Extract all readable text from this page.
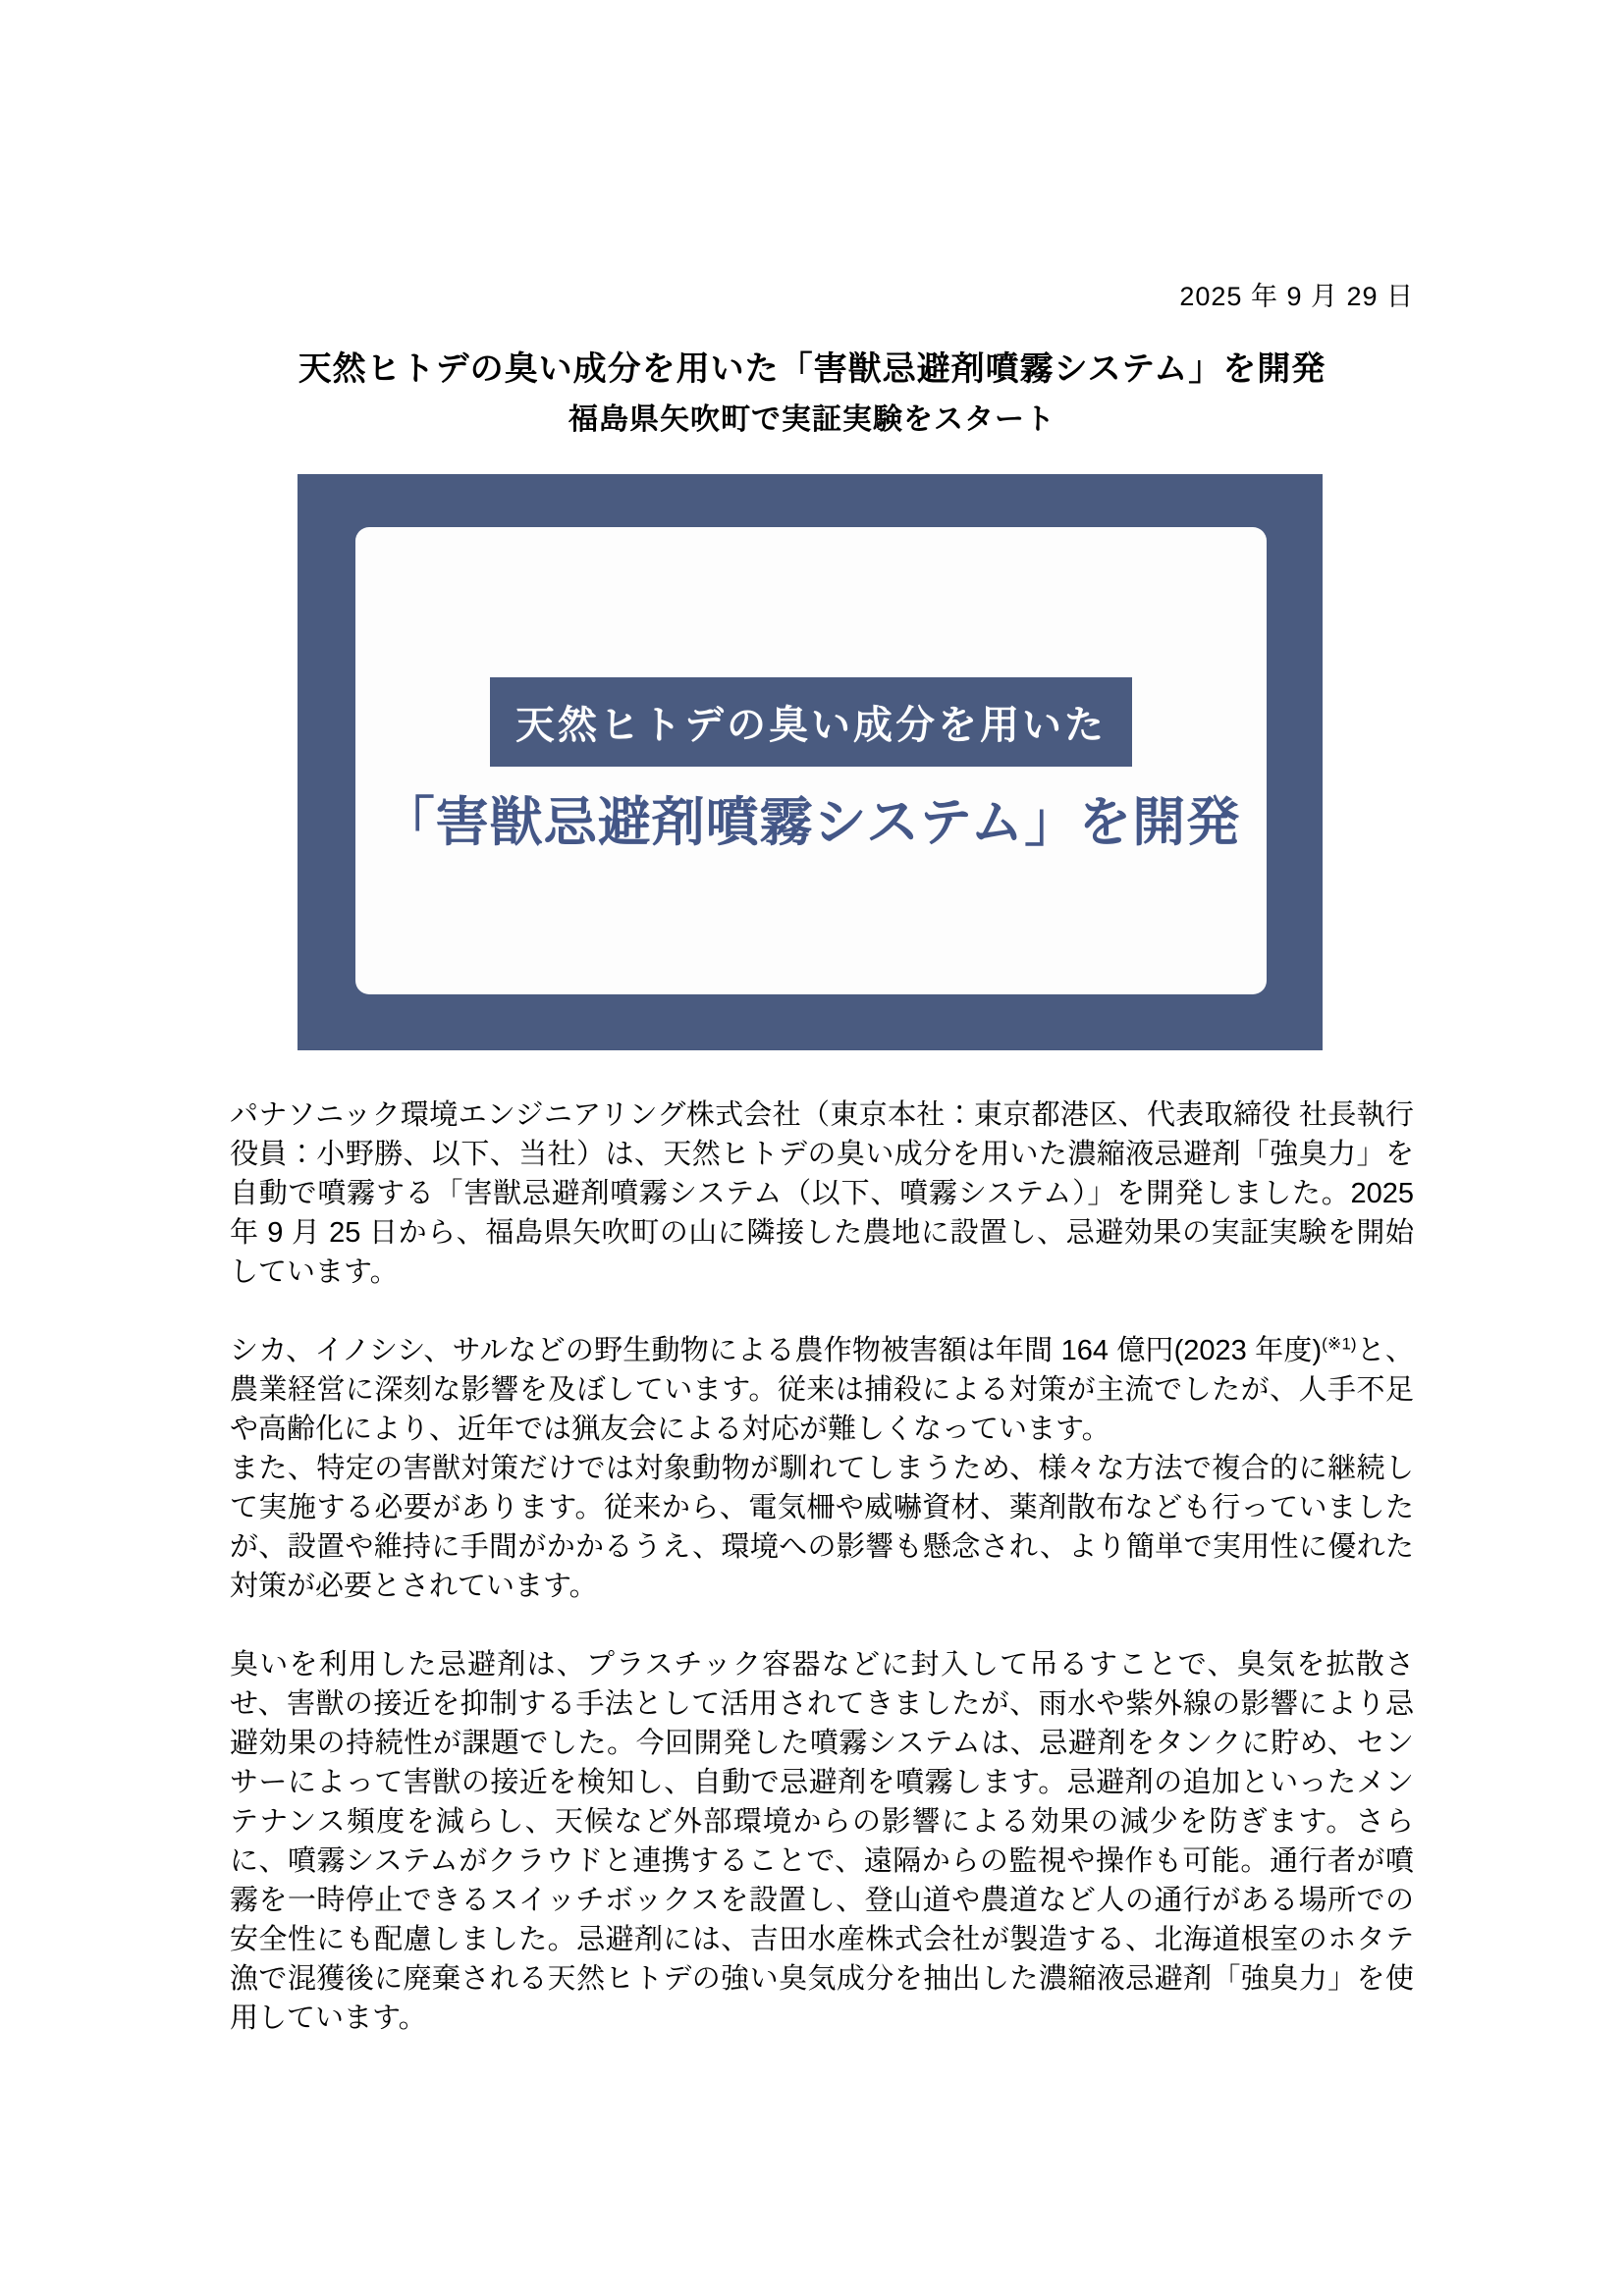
2025 年 9 月 29 日
天然ヒトデの臭い成分を用いた「害獣忌避剤噴霧システム」を開発
福島県矢吹町で実証実験をスタート
天然ヒトデの臭い成分を用いた
「害獣忌避剤噴霧システム」を開発

パナソニック環境エンジニアリング株式会社（東京本社：東京都港区、代表取締役 社長執行役員：小野勝、以下、当社）は、天然ヒトデの臭い成分を用いた濃縮液忌避剤「強臭力」を自動で噴霧する「害獣忌避剤噴霧システム（以下、噴霧システム）」を開発しました。2025 年 9 月 25 日から、福島県矢吹町の山に隣接した農地に設置し、忌避効果の実証実験を開始しています。

シカ、イノシシ、サルなどの野生動物による農作物被害額は年間 164 億円(2023 年度)$^{(※1)}$と、農業経営に深刻な影響を及ぼしています。従来は捕殺による対策が主流でしたが、人手不足や高齢化により、近年では猟友会による対応が難しくなっています。

また、特定の害獣対策だけでは対象動物が馴れてしまうため、様々な方法で複合的に継続して実施する必要があります。従来から、電気柵や威嚇資材、薬剤散布なども行っていましたが、設置や維持に手間がかかるうえ、環境への影響も懸念され、より簡単で実用性に優れた対策が必要とされています。

臭いを利用した忌避剤は、プラスチック容器などに封入して吊るすことで、臭気を拡散させ、害獣の接近を抑制する手法として活用されてきましたが、雨水や紫外線の影響により忌避効果の持続性が課題でした。今回開発した噴霧システムは、忌避剤をタンクに貯め、センサーによって害獣の接近を検知し、自動で忌避剤を噴霧します。忌避剤の追加といったメンテナンス頻度を減らし、天候など外部環境からの影響による効果の減少を防ぎます。さらに、噴霧システムがクラウドと連携することで、遠隔からの監視や操作も可能。通行者が噴霧を一時停止できるスイッチボックスを設置し、登山道や農道など人の通行がある場所での安全性にも配慮しました。忌避剤には、吉田水産株式会社が製造する、北海道根室のホタテ漁で混獲後に廃棄される天然ヒトデの強い臭気成分を抽出した濃縮液忌避剤「強臭力」を使用しています。
